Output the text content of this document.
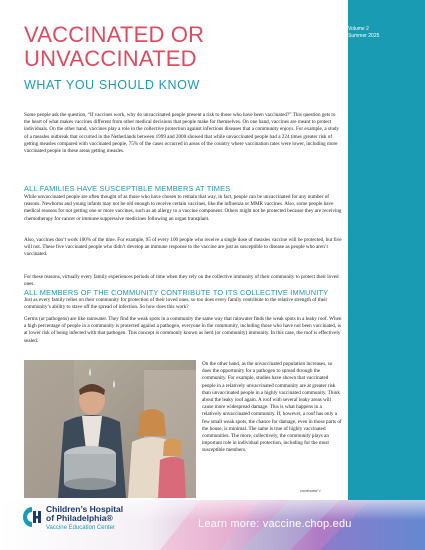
Volume 2
Summer 2025
VACCINATED OR
UNVACCINATED
WHAT YOU SHOULD KNOW

Some people ask the question, “If vaccines work, why do unvaccinated people present a risk to those who have been vaccinated?” This question gets to the heart of what makes vaccines different from other medical decisions that people make for themselves. On one hand, vaccines are meant to protect individuals. On the other hand, vaccines play a role in the collective protection against infectious diseases that a community enjoys. For example, a study of a measles outbreak that occurred in the Netherlands between 1999 and 2000 showed that while unvaccinated people had a 224 times greater risk of getting measles compared with vaccinated people, 75% of the cases occurred in areas of the country where vaccination rates were lower, including more vaccinated people in these areas getting measles.

ALL FAMILIES HAVE SUSCEPTIBLE MEMBERS AT TIMES

While unvaccinated people are often thought of as those who have chosen to remain that way, in fact, people can be unvaccinated for any number of reasons. Newborns and young infants may not be old enough to receive certain vaccines, like the influenza or MMR vaccines. Also, some people have medical reasons for not getting one or more vaccines, such as an allergy to a vaccine component. Others might not be protected because they are receiving chemotherapy for cancer or immune suppressive medicines following an organ transplant.

Also, vaccines don’t work 100% of the time. For example, 95 of every 100 people who receive a single dose of measles vaccine will be protected, but five will not. These five vaccinated people who didn’t develop an immune response to the vaccine are just as susceptible to disease as people who aren’t vaccinated.

For these reasons, virtually every family experiences periods of time when they rely on the collective immunity of their community to protect their loved ones.

ALL MEMBERS OF THE COMMUNITY CONTRIBUTE TO ITS COLLECTIVE IMMUNITY

Just as every family relies on their community for protection of their loved ones, so too does every family contribute to the relative strength of their community’s ability to stave off the spread of infection. So how does this work?

Germs (or pathogens) are like rainwater. They find the weak spots in a community the same way that rainwater finds the weak spots in a leaky roof. When a high percentage of people in a community is protected against a pathogen, everyone in the community, including those who have not been vaccinated, is at lower risk of being infected with that pathogen. This concept is commonly known as herd (or community) immunity. In this case, the roof is effectively sealed.

On the other hand, as the unvaccinated population increases, so does the opportunity for a pathogen to spread through the community. For example, studies have shown that vaccinated people in a relatively unvaccinated community are at greater risk than unvaccinated people in a highly vaccinated community. Think about the leaky roof again. A roof with several leaky areas will cause more widespread damage. This is what happens in a relatively unvaccinated community. If, however, a roof has only a few small weak spots, the chance for damage, even in those parts of the house, is minimal. The same is true of highly vaccinated communities. The more, collectively, the community plays an important role in individual protection, including for the most susceptible members.

continued >
Children’s Hospital
of Philadelphia®
Vaccine Education Center	Learn more: vaccine.chop.edu
